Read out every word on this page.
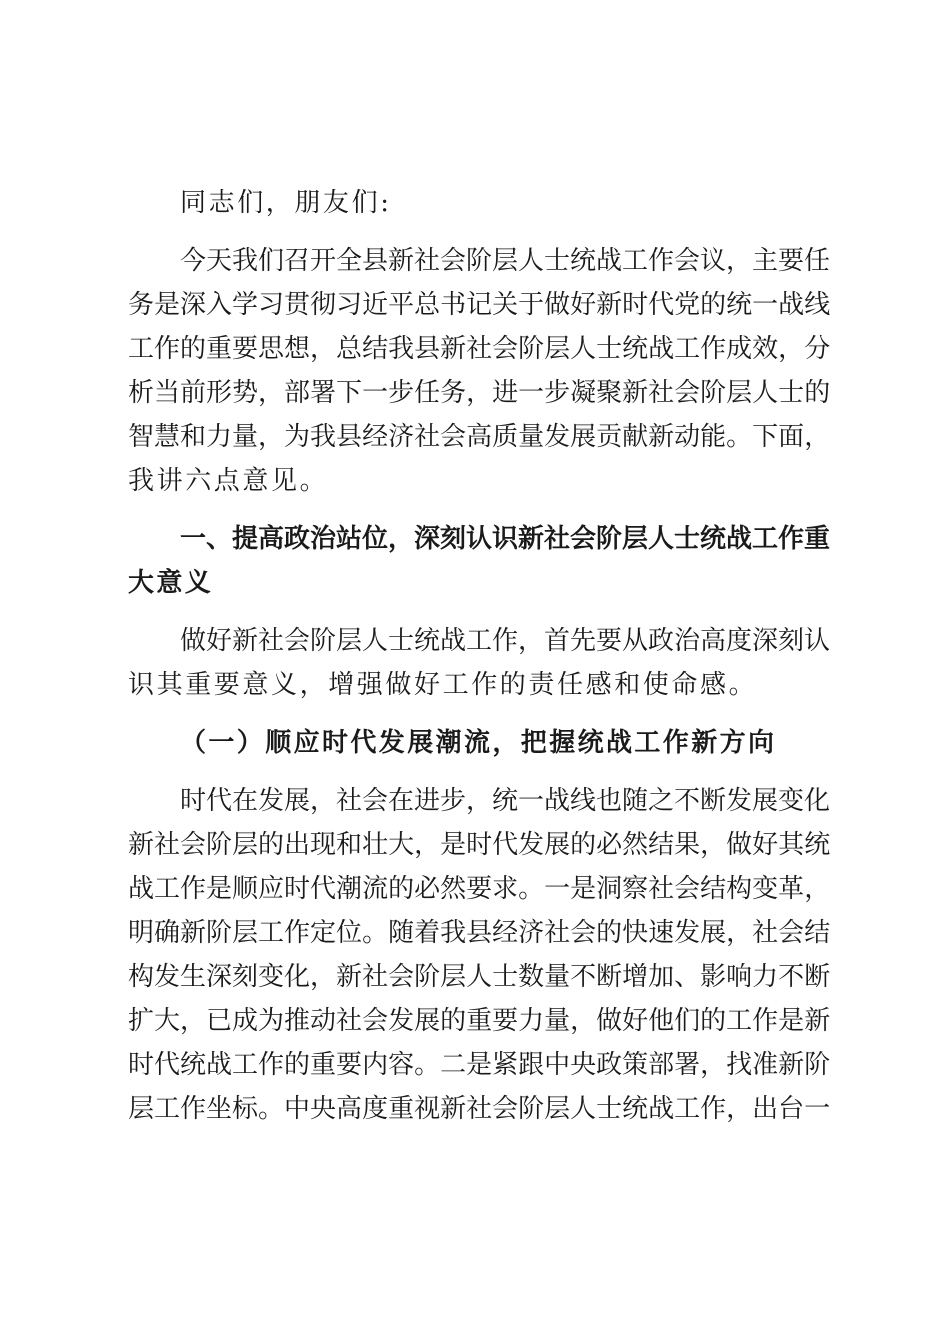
同志们，朋友们:
今天我们召开全县新社会阶层人士统战工作会议，主要任
务是深入学习贯彻习近平总书记关于做好新时代党的统一战线
工作的重要思想，总结我县新社会阶层人士统战工作成效，分
析当前形势，部署下一步任务，进一步凝聚新社会阶层人士的
智慧和力量，为我县经济社会高质量发展贡献新动能。下面，
我讲六点意见。
一、提高政治站位，深刻认识新社会阶层人士统战工作重
大意义
做好新社会阶层人士统战工作，首先要从政治高度深刻认
识其重要意义，增强做好工作的责任感和使命感。
（一）顺应时代发展潮流，把握统战工作新方向
时代在发展，社会在进步，统一战线也随之不断发展变化
新社会阶层的出现和壮大，是时代发展的必然结果，做好其统
战工作是顺应时代潮流的必然要求。一是洞察社会结构变革，
明确新阶层工作定位。随着我县经济社会的快速发展，社会结
构发生深刻变化，新社会阶层人士数量不断增加、影响力不断
扩大，已成为推动社会发展的重要力量，做好他们的工作是新
时代统战工作的重要内容。二是紧跟中央政策部署，找准新阶
层工作坐标。中央高度重视新社会阶层人士统战工作，出台一
